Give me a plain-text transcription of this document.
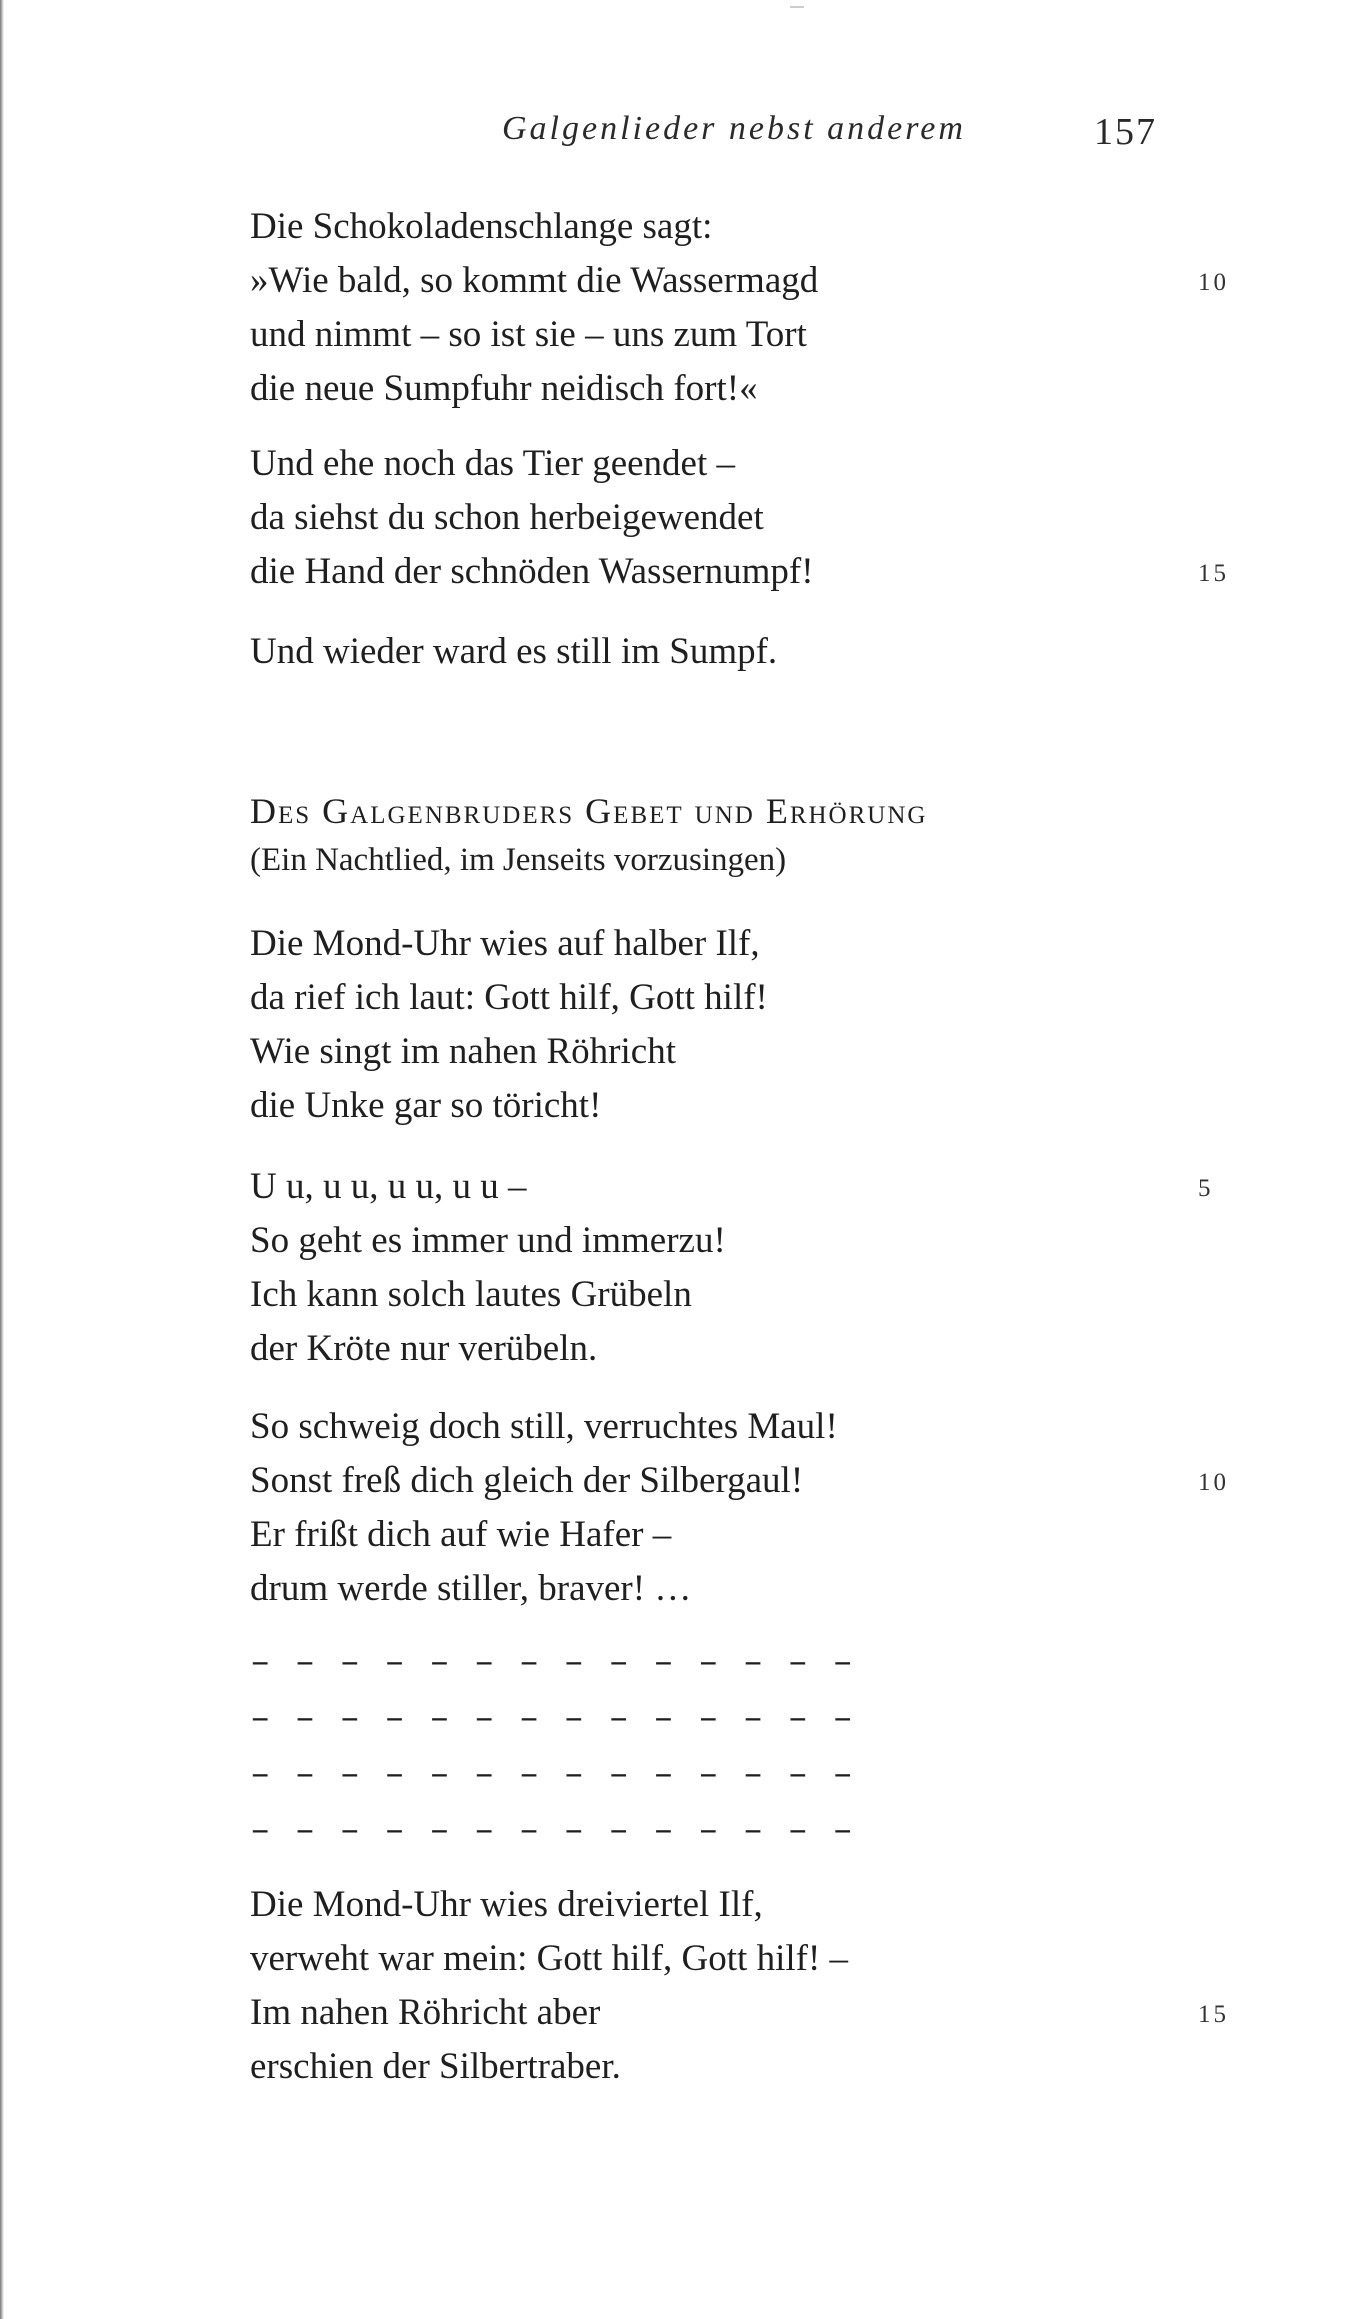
Galgenlieder nebst anderem	157
Die Schokoladenschlange sagt:
»Wie bald, so kommt die Wassermagd	10
und nimmt – so ist sie – uns zum Tort
die neue Sumpfuhr neidisch fort!«
Und ehe noch das Tier geendet –
da siehst du schon herbeigewendet
die Hand der schnöden Wassernumpf!	15
Und wieder ward es still im Sumpf.
Des Galgenbruders Gebet und Erhörung
(Ein Nachtlied, im Jenseits vorzusingen)
Die Mond-Uhr wies auf halber Ilf,
da rief ich laut: Gott hilf, Gott hilf!
Wie singt im nahen Röhricht
die Unke gar so töricht!
U u, u u, u u, u u –	5
So geht es immer und immerzu!
Ich kann solch lautes Grübeln
der Kröte nur verübeln.
So schweig doch still, verruchtes Maul!
Sonst freß dich gleich der Silbergaul!	10
Er frißt dich auf wie Hafer –
drum werde stiller, braver! …
– – – – – – – – – – – – – –
– – – – – – – – – – – – – –
– – – – – – – – – – – – – –
– – – – – – – – – – – – – –
Die Mond-Uhr wies dreiviertel Ilf,
verweht war mein: Gott hilf, Gott hilf! –
Im nahen Röhricht aber	15
erschien der Silbertraber.
